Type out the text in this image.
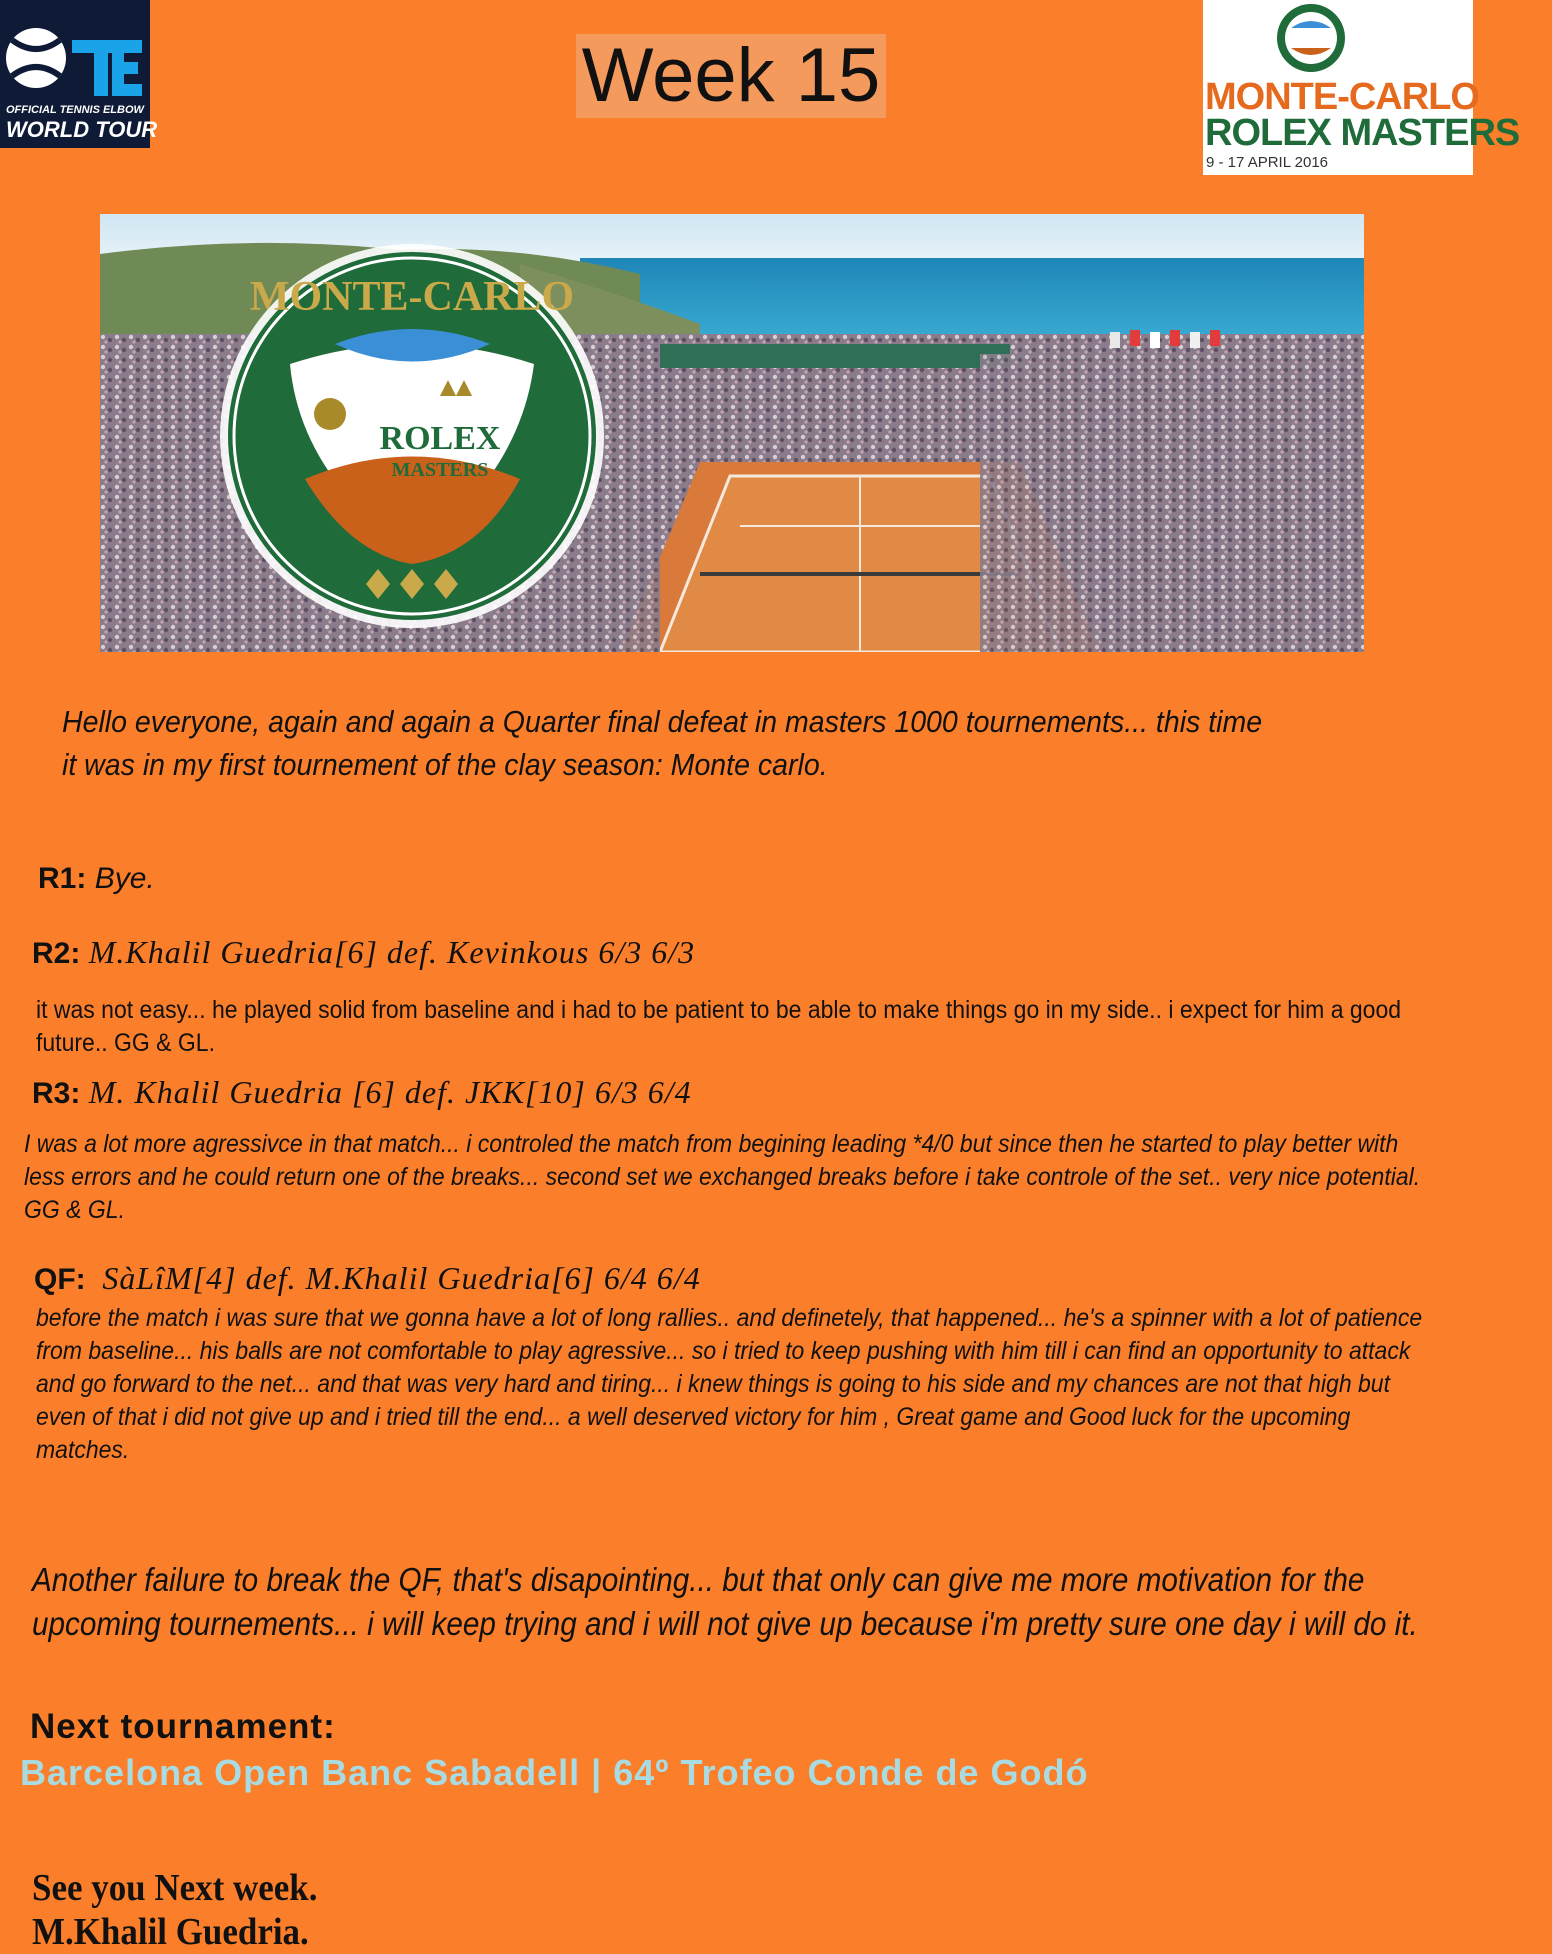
OFFICIAL TENNIS ELBOW
WORLD TOUR
Week 15	MONTE-CARLO
ROLEX MASTERS
9 - 17 APRIL 2016
MONTE-CARLO
ROLEX
MASTERS
Hello everyone, again and again a Quarter final defeat in masters 1000 tournements... this time it was in my first tournement of the clay season: Monte carlo.
R1: Bye.
R2: M.Khalil Guedria[6] def. Kevinkous 6/3 6/3
it was not easy... he played solid from baseline and i had to be patient to be able to make things go in my side.. i expect for him a good future.. GG & GL.
R3: M. Khalil Guedria [6] def. JKK[10] 6/3 6/4
I was a lot more agressivce in that match... i controled the match from begining leading *4/0 but since then he started to play better with less errors and he could return one of the breaks... second set we exchanged breaks before i take controle of the set.. very nice potential. GG & GL.
QF: SàLîM[4] def. M.Khalil Guedria[6] 6/4 6/4
before the match i was sure that we gonna have a lot of long rallies.. and definetely, that happened... he's a spinner with a lot of patience from baseline... his balls are not comfortable to play agressive... so i tried to keep pushing with him till i can find an opportunity to attack and go forward to the net... and that was very hard and tiring... i knew things is going to his side and my chances are not that high but even of that i did not give up and i tried till the end... a well deserved victory for him , Great game and Good luck for the upcoming matches.
Another failure to break the QF, that's disapointing... but that only can give me more motivation for the upcoming tournements... i will keep trying and i will not give up because i'm pretty sure one day i will do it.
Next tournament:
Barcelona Open Banc Sabadell | 64º Trofeo Conde de Godó
See you Next week.
M.Khalil Guedria.
